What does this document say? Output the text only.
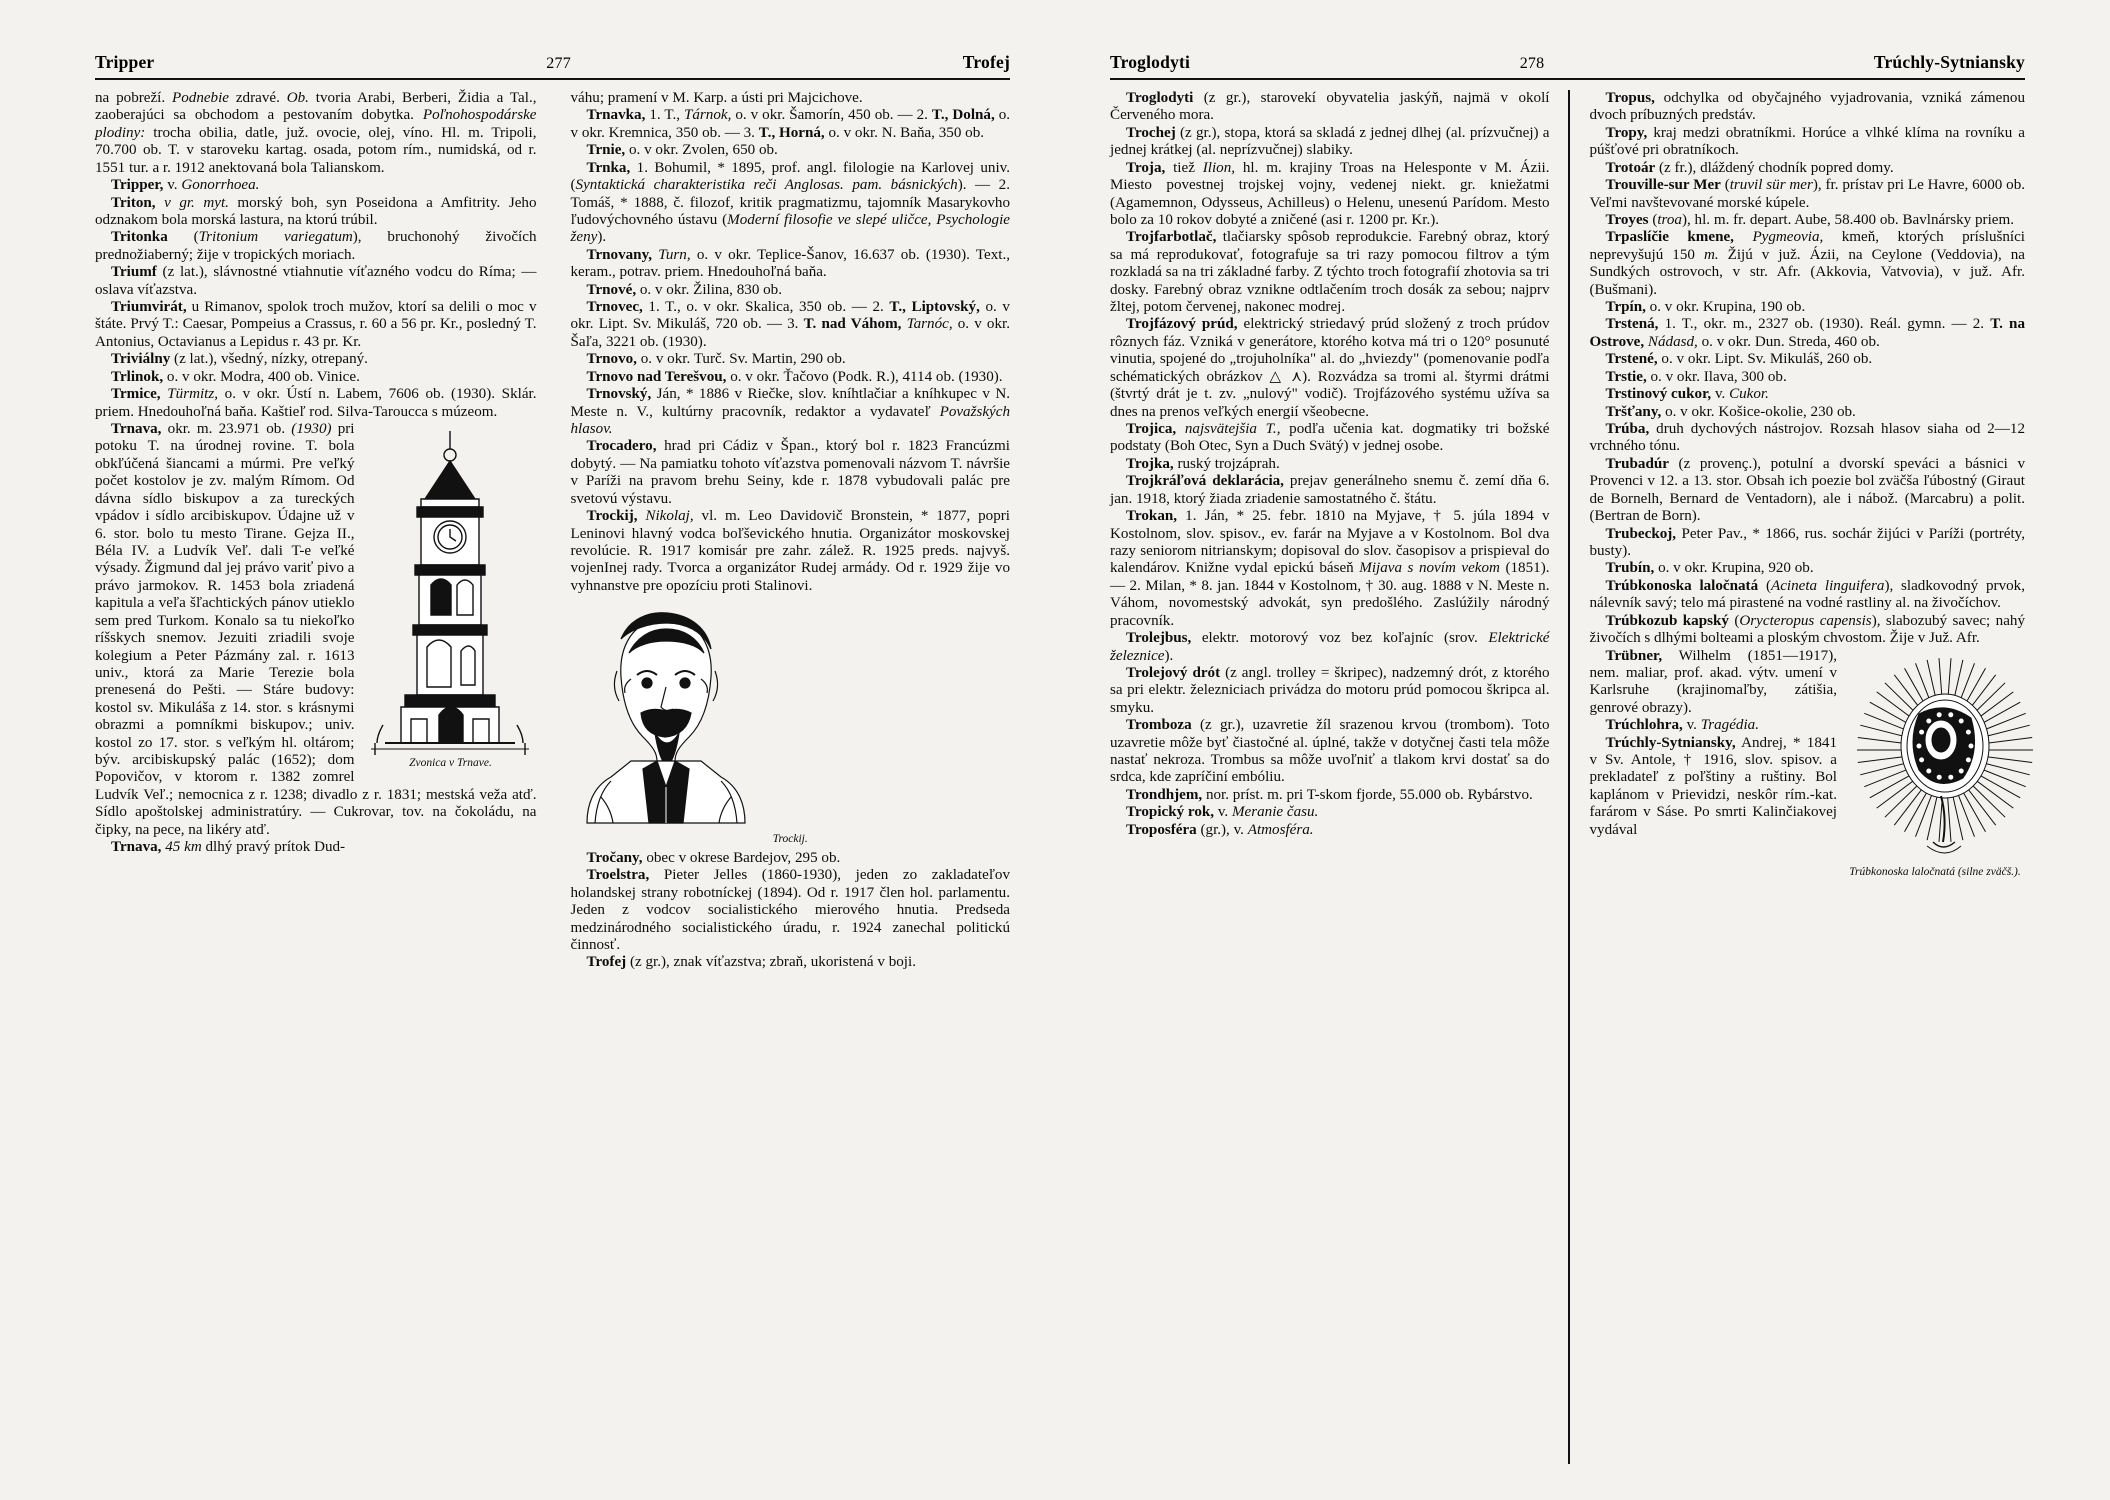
Tripper	277	Trofej

na pobreží. Podnebie zdravé. Ob. tvoria Arabi, Berberi, Židia a Tal., zaoberajúci sa obchodom a pestovaním dobytka. Poľnohospodárske plodiny: trocha obilia, datle, juž. ovocie, olej, víno. Hl. m. Tripoli, 70.700 ob. T. v staroveku kartag. osada, potom rím., numidská, od r. 1551 tur. a r. 1912 anektovaná bola Talianskom.

Tripper, v. Gonorrhoea.

Triton, v gr. myt. morský boh, syn Poseidona a Amfitrity. Jeho odznakom bola morská lastura, na ktorú trúbil.

Tritonka (Tritonium variegatum), bruchonohý živočích prednožiaberný; žije v tropických moriach.

Triumf (z lat.), slávnostné vtiahnutie víťazného vodcu do Ríma; — oslava víťazstva.

Triumvirát, u Rimanov, spolok troch mužov, ktorí sa delili o moc v štáte. Prvý T.: Caesar, Pompeius a Crassus, r. 60 a 56 pr. Kr., posledný T. Antonius, Octavianus a Lepidus r. 43 pr. Kr.

Triviálny (z lat.), všedný, nízky, otrepaný.

Trlinok, o. v okr. Modra, 400 ob. Vinice.

Trmice, Türmitz, o. v okr. Ústí n. Labem, 7606 ob. (1930). Sklár. priem. Hnedouhoľná baňa. Kaštieľ rod. Silva-Taroucca s múzeom.

Zvonica v Trnave.

Trnava, okr. m. 23.971 ob. (1930) pri potoku T. na úrodnej rovine. T. bola obkľúčená šiancami a múrmi. Pre veľký počet kostolov je zv. malým Rímom. Od dávna sídlo biskupov a za tureckých vpádov i sídlo arcibiskupov. Údajne už v 6. stor. bolo tu mesto Tirane. Gejza II., Béla IV. a Ludvík Veľ. dali T-e veľké výsady. Žigmund dal jej právo variť pivo a právo jarmokov. R. 1453 bola zriadená kapitula a veľa šľachtických pánov utieklo sem pred Turkom. Konalo sa tu niekoľko ríšskych snemov. Jezuiti zriadili svoje kolegium a Peter Pázmány zal. r. 1613 univ., ktorá za Marie Terezie bola prenesená do Pešti. — Stáre budovy: kostol sv. Mikuláša z 14. stor. s krásnymi obrazmi a pomníkmi biskupov.; univ. kostol zo 17. stor. s veľkým hl. oltárom; býv. arcibiskupský palác (1652); dom Popovičov, v ktorom r. 1382 zomrel Ludvík Veľ.; nemocnica z r. 1238; divadlo z r. 1831; mestská veža atď. Sídlo apoštolskej administratúry. — Cukrovar, tov. na čokoládu, na čipky, na pece, na likéry atď.

Trnava, 45 km dlhý pravý prítok Dud-

váhu; pramení v M. Karp. a ústi pri Majcichove.

Trnavka, 1. T., Tárnok, o. v okr. Šamorín, 450 ob. — 2. T., Dolná, o. v okr. Kremnica, 350 ob. — 3. T., Horná, o. v okr. N. Baňa, 350 ob.

Trnie, o. v okr. Zvolen, 650 ob.

Trnka, 1. Bohumil, * 1895, prof. angl. filologie na Karlovej univ. (Syntaktická charakteristika reči Anglosas. pam. básnických). — 2. Tomáš, * 1888, č. filozof, kritik pragmatizmu, tajomník Masarykovho ľudovýchovného ústavu (Moderní filosofie ve slepé uličce, Psychologie ženy).

Trnovany, Turn, o. v okr. Teplice-Šanov, 16.637 ob. (1930). Text., keram., potrav. priem. Hnedouhoľná baňa.

Trnové, o. v okr. Žilina, 830 ob.

Trnovec, 1. T., o. v okr. Skalica, 350 ob. — 2. T., Liptovský, o. v okr. Lipt. Sv. Mikuláš, 720 ob. — 3. T. nad Váhom, Tarnóc, o. v okr. Šaľa, 3221 ob. (1930).

Trnovo, o. v okr. Turč. Sv. Martin, 290 ob.

Trnovo nad Terešvou, o. v okr. Ťačovo (Podk. R.), 4114 ob. (1930).

Trnovský, Ján, * 1886 v Riečke, slov. kníhtlačiar a kníhkupec v N. Meste n. V., kultúrny pracovník, redaktor a vydavateľ Považských hlasov.

Trocadero, hrad pri Cádiz v Špan., ktorý bol r. 1823 Francúzmi dobytý. — Na pamiatku tohoto víťazstva pomenovali názvom T. návršie v Paríži na pravom brehu Seiny, kde r. 1878 vybudovali palác pre svetovú výstavu.

Trockij, Nikolaj, vl. m. Leo Davidovič Bronstein, * 1877, popri Leninovi hlavný vodca boľševického hnutia. Organizátor moskovskej revolúcie. R. 1917 komisár pre zahr. zálež. R. 1925 preds. najvyš. vojenInej rady. Tvorca a organizátor Rudej armády. Od r. 1929 žije vo vyhnanstve pre opozíciu proti Stalinovi.

Trockij.

Tročany, obec v okrese Bardejov, 295 ob.

Troelstra, Pieter Jelles (1860-1930), jeden zo zakladateľov holandskej strany robotníckej (1894). Od r. 1917 člen hol. parlamentu. Jeden z vodcov socialistického mierového hnutia. Predseda medzinárodného socialistického úradu, r. 1924 zanechal politickú činnosť.

Trofej (z gr.), znak víťazstva; zbraň, ukoristená v boji.

Troglodyti	278	Trúchly-Sytniansky

Troglodyti (z gr.), starovekí obyvatelia jaskýň, najmä v okolí Červeného mora.

Trochej (z gr.), stopa, ktorá sa skladá z jednej dlhej (al. prízvučnej) a jednej krátkej (al. neprízvučnej) slabiky.

Troja, tiež Ilion, hl. m. krajiny Troas na Helesponte v M. Ázii. Miesto povestnej trojskej vojny, vedenej niekt. gr. kniežatmi (Agamemnon, Odysseus, Achilleus) o Helenu, unesenú Parídom. Mesto bolo za 10 rokov dobyté a zničené (asi r. 1200 pr. Kr.).

Trojfarbotlač, tlačiarsky spôsob reprodukcie. Farebný obraz, ktorý sa má reprodukovať, fotografuje sa tri razy pomocou filtrov a tým rozkladá sa na tri základné farby. Z týchto troch fotografií zhotovia sa tri dosky. Farebný obraz vznikne odtlačením troch dosák za sebou; najprv žltej, potom červenej, nakonec modrej.

Trojfázový prúd, elektrický striedavý prúd složený z troch prúdov rôznych fáz. Vzniká v generátore, ktorého kotva má tri o 120° posunuté vinutia, spojené do „trojuholníka" al. do „hviezdy" (pomenovanie podľa schématických obrázkov △ ⋏). Rozvádza sa tromi al. štyrmi drátmi (štvrtý drát je t. zv. „nulový" vodič). Trojfázového systému užíva sa dnes na prenos veľkých energií všeobecne.

Trojica, najsvätejšia T., podľa učenia kat. dogmatiky tri božské podstaty (Boh Otec, Syn a Duch Svätý) v jednej osobe.

Trojka, ruský trojzáprah.

Trojkráľová deklarácia, prejav generálneho snemu č. zemí dňa 6. jan. 1918, ktorý žiada zriadenie samostatného č. štátu.

Trokan, 1. Ján, * 25. febr. 1810 na Myjave, † 5. júla 1894 v Kostolnom, slov. spisov., ev. farár na Myjave a v Kostolnom. Bol dva razy seniorom nitrianskym; dopisoval do slov. časopisov a prispieval do kalendárov. Knižne vydal epickú báseň Mijava s novím vekom (1851). — 2. Milan, * 8. jan. 1844 v Kostolnom, † 30. aug. 1888 v N. Meste n. Váhom, novomestský advokát, syn predošlého. Zaslúžily národný pracovník.

Trolejbus, elektr. motorový voz bez koľajníc (srov. Elektrické železnice).

Trolejový drót (z angl. trolley = škripec), nadzemný drót, z ktorého sa pri elektr. železniciach privádza do motoru prúd pomocou škripca al. smyku.

Tromboza (z gr.), uzavretie žíl srazenou krvou (trombom). Toto uzavretie môže byť čiastočné al. úplné, takže v dotyčnej časti tela môže nastať nekroza. Trombus sa môže uvoľniť a tlakom krvi dostať sa do srdca, kde zapríčiní embóliu.

Trondhjem, nor. príst. m. pri T-skom fjorde, 55.000 ob. Rybárstvo.

Tropický rok, v. Meranie času.

Troposféra (gr.), v. Atmosféra.

Tropus, odchylka od obyčajného vyjadrovania, vzniká zámenou dvoch príbuzných predstáv.

Tropy, kraj medzi obratníkmi. Horúce a vlhké klíma na rovníku a púšťové pri obratníkoch.

Trotoár (z fr.), dláždený chodník popred domy.

Trouville-sur Mer (truvil sür mer), fr. prístav pri Le Havre, 6000 ob. Veľmi navštevované morské kúpele.

Troyes (troa), hl. m. fr. depart. Aube, 58.400 ob. Bavlnársky priem.

Trpaslíčie kmene, Pygmeovia, kmeň, ktorých príslušníci neprevyšujú 150 m. Žijú v juž. Ázii, na Ceylone (Veddovia), na Sundkých ostrovoch, v str. Afr. (Akkovia, Vatvovia), v juž. Afr. (Bušmani).

Trpín, o. v okr. Krupina, 190 ob.

Trstená, 1. T., okr. m., 2327 ob. (1930). Reál. gymn. — 2. T. na Ostrove, Nádasd, o. v okr. Dun. Streda, 460 ob.

Trstené, o. v okr. Lipt. Sv. Mikuláš, 260 ob.

Trstie, o. v okr. Ilava, 300 ob.

Trstinový cukor, v. Cukor.

Tršťany, o. v okr. Košice-okolie, 230 ob.

Trúba, druh dychových nástrojov. Rozsah hlasov siaha od 2—12 vrchného tónu.

Trubadúr (z provenç.), potulní a dvorskí speváci a básnici v Provenci v 12. a 13. stor. Obsah ich poezie bol zväčša ľúbostný (Giraut de Bornelh, Bernard de Ventadorn), ale i nábož. (Marcabru) a polit. (Bertran de Born).

Trubeckoj, Peter Pav., * 1866, rus. sochár žijúci v Paríži (portréty, busty).

Trubín, o. v okr. Krupina, 920 ob.

Trúbkonoska laločnatá (Acineta linguifera), sladkovodný prvok, nálevník savý; telo má pirastené na vodné rastliny al. na živočíchov.

Trúbkozub kapský (Orycteropus capensis), slabozubý savec; nahý živočích s dlhými bolteami a ploským chvostom. Žije v Juž. Afr.

Trúbkonoska laločnatá (silne zväčš.).

Trübner, Wilhelm (1851—1917), nem. maliar, prof. akad. výtv. umení v Karlsruhe (krajinomaľby, zátišia, genrové obrazy).

Trúchlohra, v. Tragédia.

Trúchly-Sytniansky, Andrej, * 1841 v Sv. Antole, † 1916, slov. spisov. a prekladateľ z poľštiny a ruštiny. Bol kaplánom v Prievidzi, neskôr rím.-kat. farárom v Sáse. Po smrti Kalinčiakovej vydával
